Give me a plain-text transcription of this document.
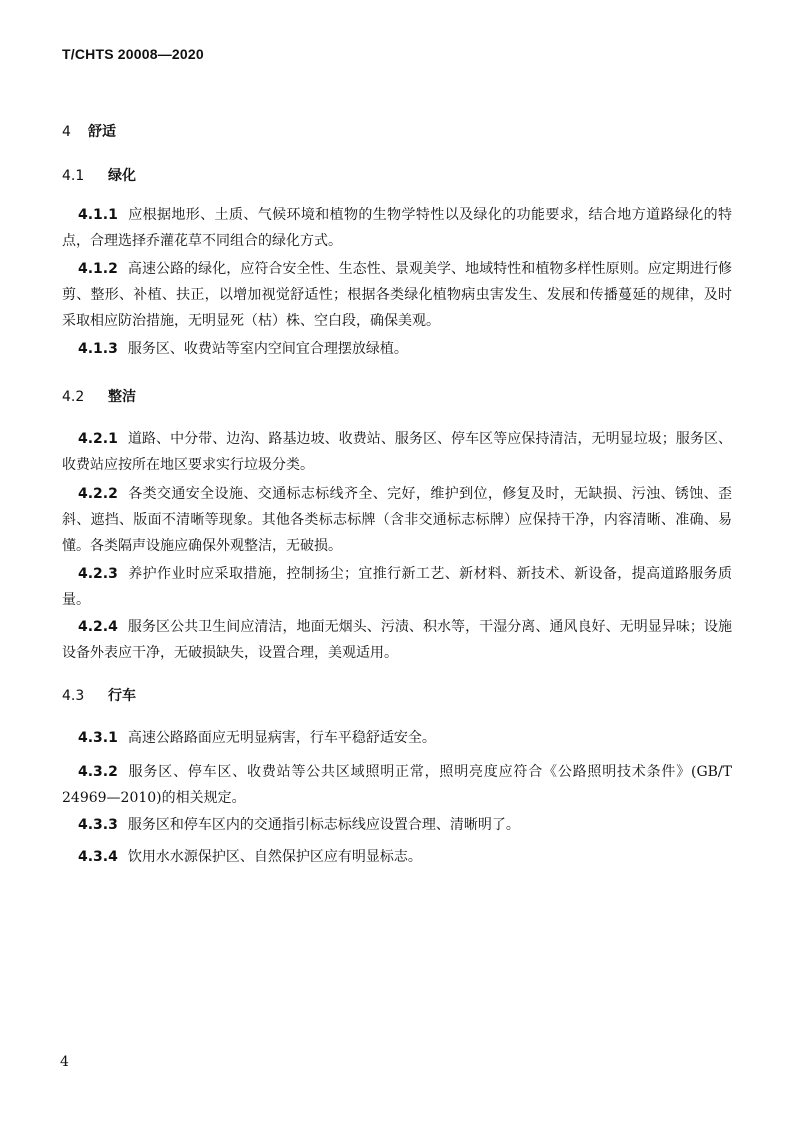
T/CHTS 20008—2020
4 舒适
4.1 绿化

4.1.1 应根据地形、土质、气候环境和植物的生物学特性以及绿化的功能要求，结合地方道路绿化的特点，合理选择乔灌花草不同组合的绿化方式。

4.1.2 高速公路的绿化，应符合安全性、生态性、景观美学、地域特性和植物多样性原则。应定期进行修剪、整形、补植、扶正，以增加视觉舒适性；根据各类绿化植物病虫害发生、发展和传播蔓延的规律，及时采取相应防治措施，无明显死（枯）株、空白段，确保美观。

4.1.3 服务区、收费站等室内空间宜合理摆放绿植。

4.2 整洁

4.2.1 道路、中分带、边沟、路基边坡、收费站、服务区、停车区等应保持清洁，无明显垃圾；服务区、收费站应按所在地区要求实行垃圾分类。

4.2.2 各类交通安全设施、交通标志标线齐全、完好，维护到位，修复及时，无缺损、污浊、锈蚀、歪斜、遮挡、版面不清晰等现象。其他各类标志标牌（含非交通标志标牌）应保持干净，内容清晰、准确、易懂。各类隔声设施应确保外观整洁，无破损。

4.2.3 养护作业时应采取措施，控制扬尘；宜推行新工艺、新材料、新技术、新设备，提高道路服务质量。

4.2.4 服务区公共卫生间应清洁，地面无烟头、污渍、积水等，干湿分离、通风良好、无明显异味；设施设备外表应干净，无破损缺失，设置合理，美观适用。

4.3 行车

4.3.1 高速公路路面应无明显病害，行车平稳舒适安全。

4.3.2 服务区、停车区、收费站等公共区域照明正常，照明亮度应符合《公路照明技术条件》(GB/T 24969—2010)的相关规定。

4.3.3 服务区和停车区内的交通指引标志标线应设置合理、清晰明了。

4.3.4 饮用水水源保护区、自然保护区应有明显标志。

4
